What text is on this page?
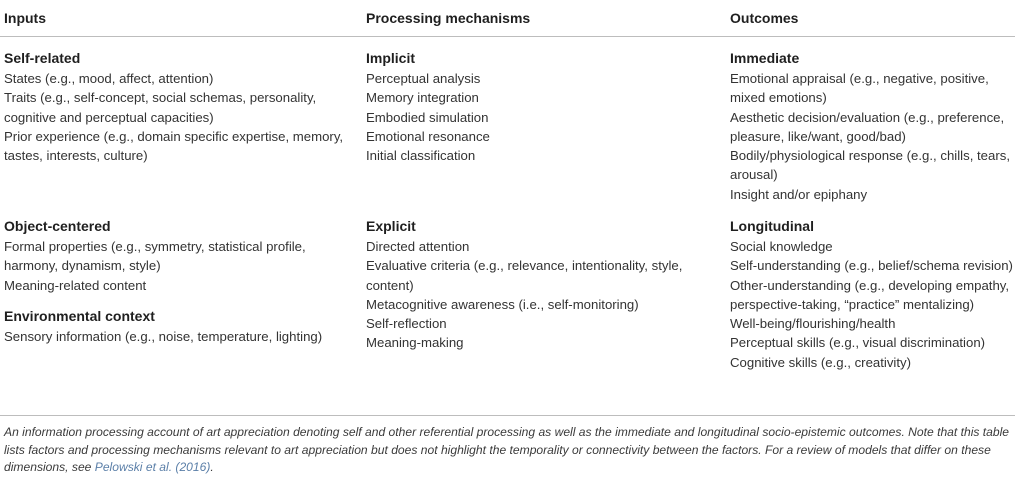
Inputs	Processing mechanisms	Outcomes
Self-related
States (e.g., mood, affect, attention)
Traits (e.g., self-concept, social schemas, personality, cognitive and perceptual capacities)
Prior experience (e.g., domain specific expertise, memory, tastes, interests, culture)
Object-centered
Formal properties (e.g., symmetry, statistical profile, harmony, dynamism, style)
Meaning-related content
Environmental context
Sensory information (e.g., noise, temperature, lighting)
Implicit
Perceptual analysis
Memory integration
Embodied simulation
Emotional resonance
Initial classification
Explicit
Directed attention
Evaluative criteria (e.g., relevance, intentionality, style, content)
Metacognitive awareness (i.e., self-monitoring)
Self-reflection
Meaning-making
Immediate
Emotional appraisal (e.g., negative, positive, mixed emotions)
Aesthetic decision/evaluation (e.g., preference, pleasure, like/want, good/bad)
Bodily/physiological response (e.g., chills, tears, arousal)
Insight and/or epiphany
Longitudinal
Social knowledge
Self-understanding (e.g., belief/schema revision)
Other-understanding (e.g., developing empathy, perspective-taking, “practice” mentalizing)
Well-being/flourishing/health
Perceptual skills (e.g., visual discrimination)
Cognitive skills (e.g., creativity)
An information processing account of art appreciation denoting self and other referential processing as well as the immediate and longitudinal socio-epistemic outcomes. Note that this table lists factors and processing mechanisms relevant to art appreciation but does not highlight the temporality or connectivity between the factors. For a review of models that differ on these dimensions, see Pelowski et al. (2016).
